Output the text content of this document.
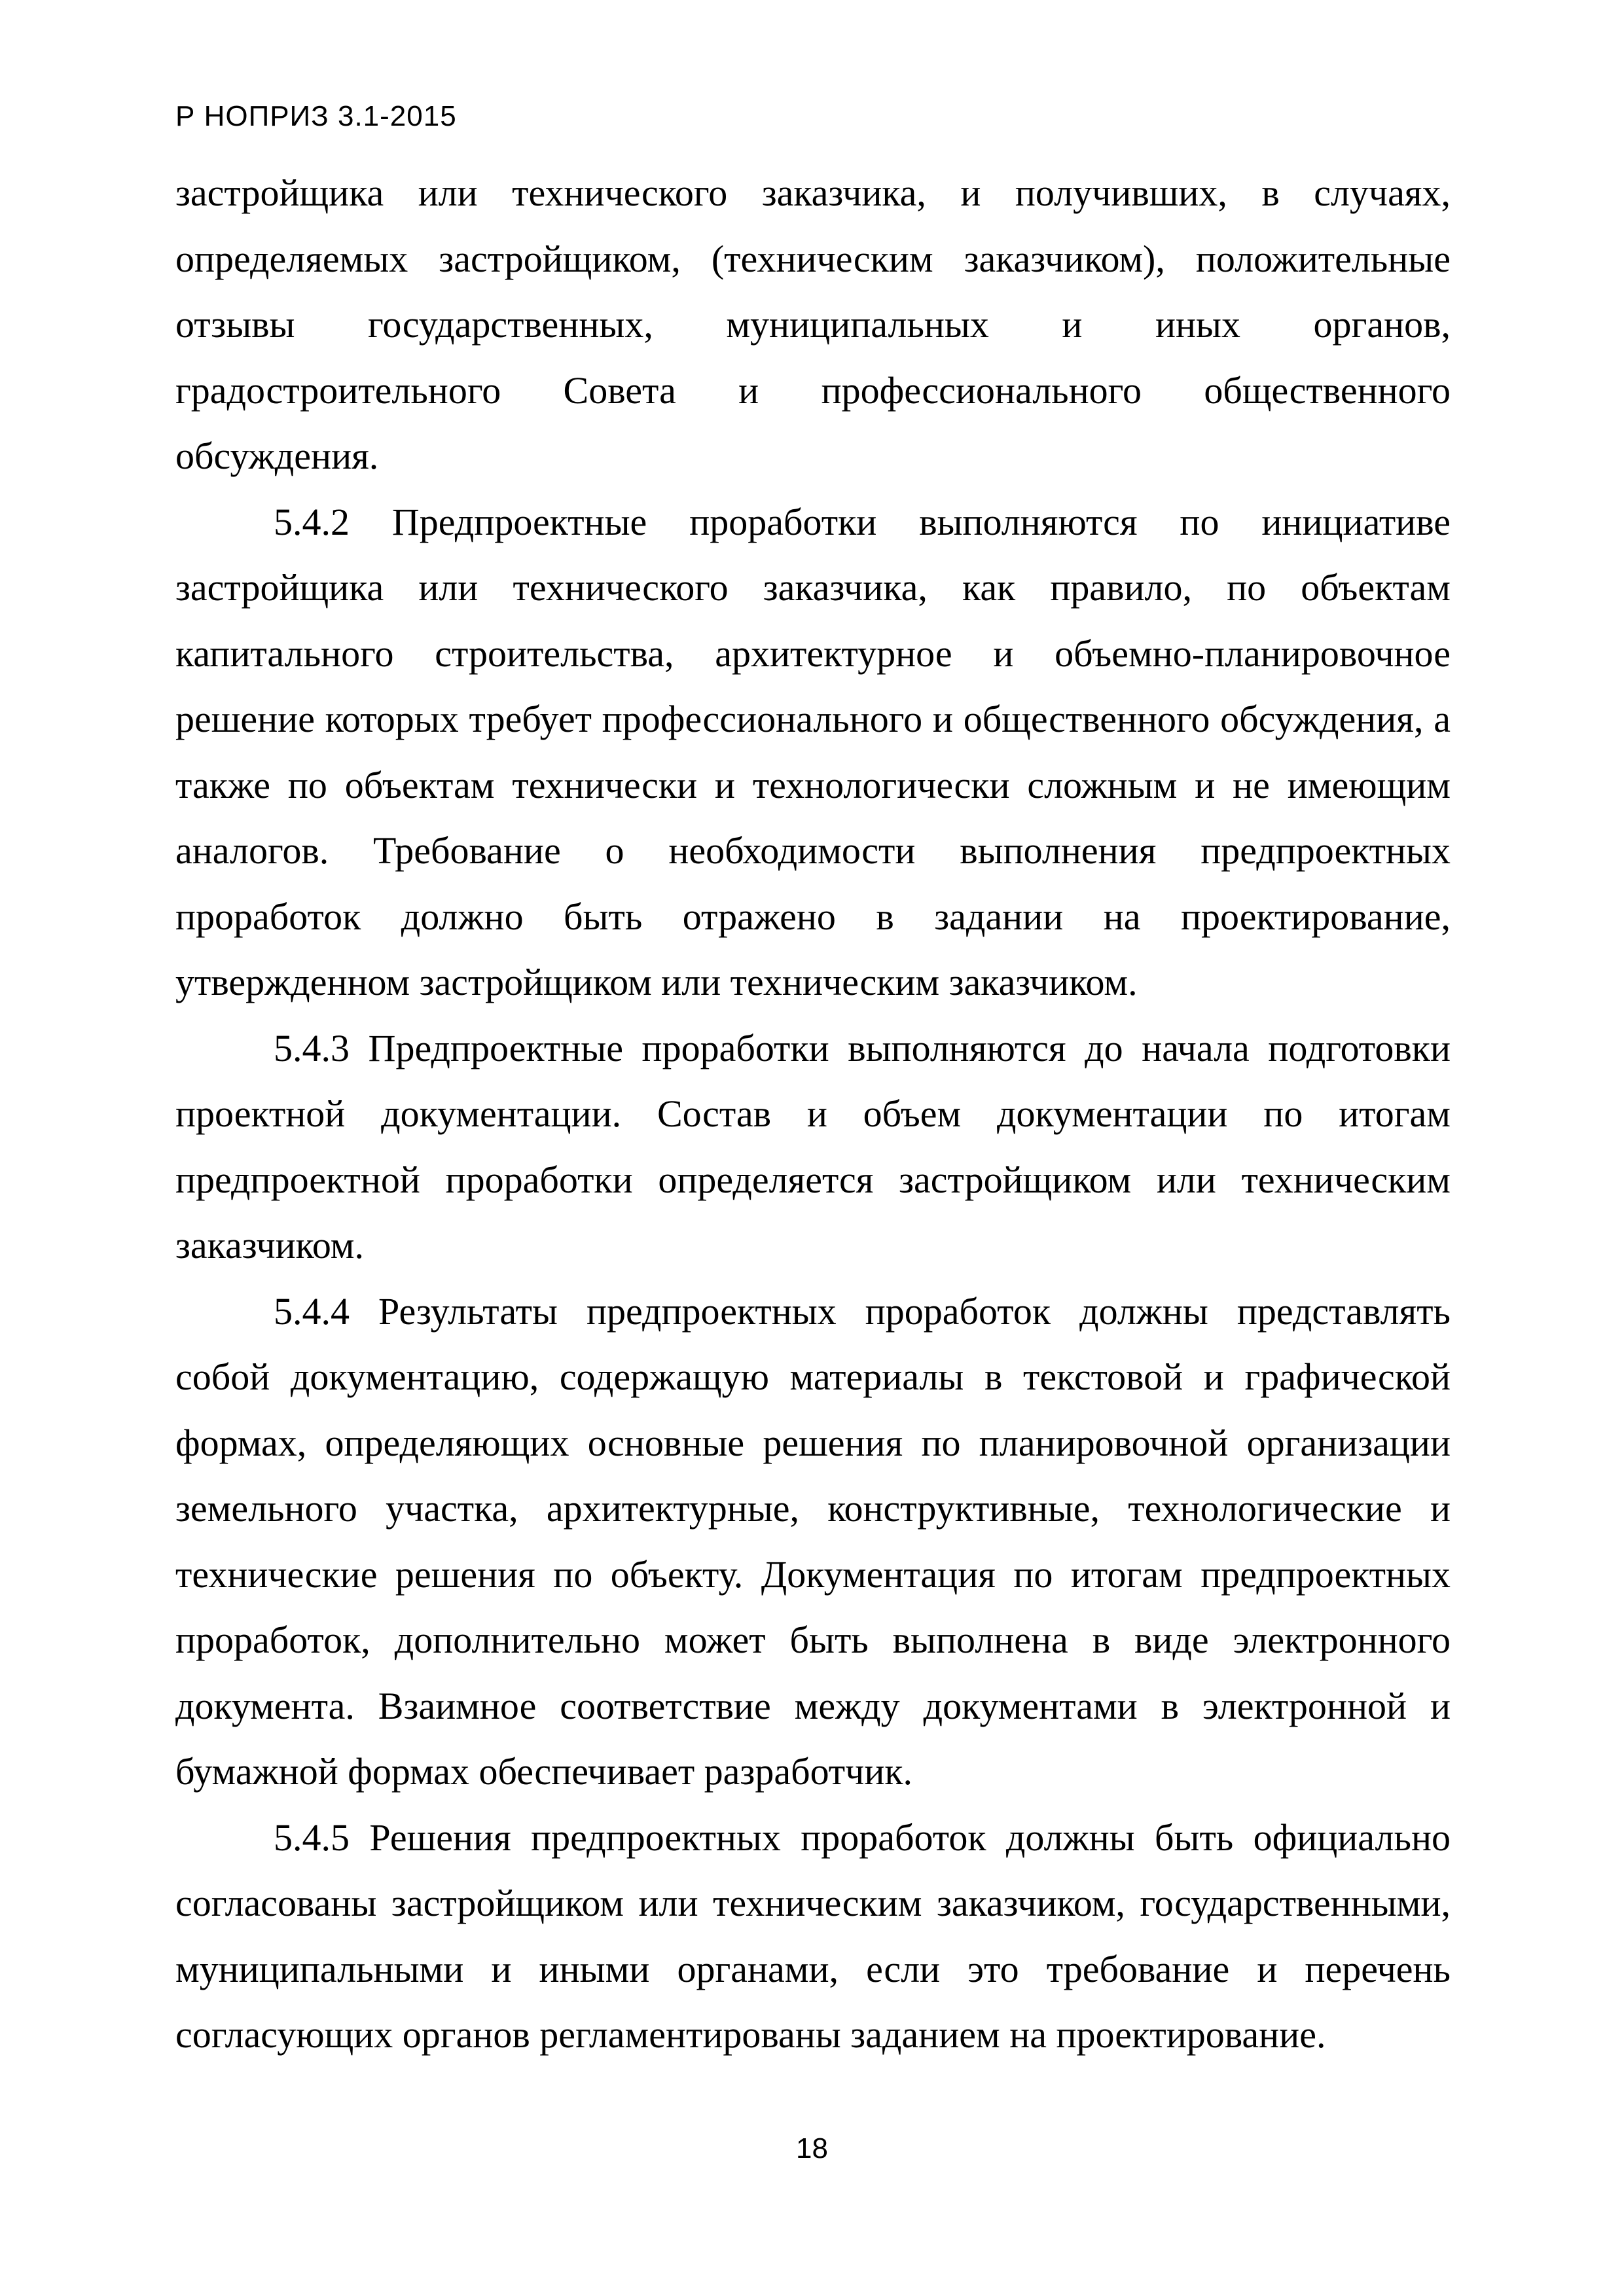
Р НОПРИЗ 3.1-2015

застройщика или технического заказчика, и получивших, в случаях, определяемых застройщиком, (техническим заказчиком), положительные отзывы государственных, муниципальных и иных органов, градостроительного Совета и профессионального общественного обсуждения.

5.4.2 Предпроектные проработки выполняются по инициативе застройщика или технического заказчика, как правило, по объектам капитального строительства, архитектурное и объемно-планировочное решение которых требует профессионального и общественного обсуждения, а также по объектам технически и технологически сложным и не имеющим аналогов. Требование о необходимости выполнения предпроектных проработок должно быть отражено в задании на проектирование, утвержденном застройщиком или техническим заказчиком.

5.4.3 Предпроектные проработки выполняются до начала подготовки проектной документации. Состав и объем документации по итогам предпроектной проработки определяется застройщиком или техническим заказчиком.

5.4.4 Результаты предпроектных проработок должны представлять собой документацию, содержащую материалы в текстовой и графической формах, определяющих основные решения по планировочной организации земельного участка, архитектурные, конструктивные, технологические и технические решения по объекту. Документация по итогам предпроектных проработок, дополнительно может быть выполнена в виде электронного документа. Взаимное соответствие между документами в электронной и бумажной формах обеспечивает разработчик.

5.4.5 Решения предпроектных проработок должны быть официально согласованы застройщиком или техническим заказчиком, государственными, муниципальными и иными органами, если это требование и перечень согласующих органов регламентированы заданием на проектирование.

18
